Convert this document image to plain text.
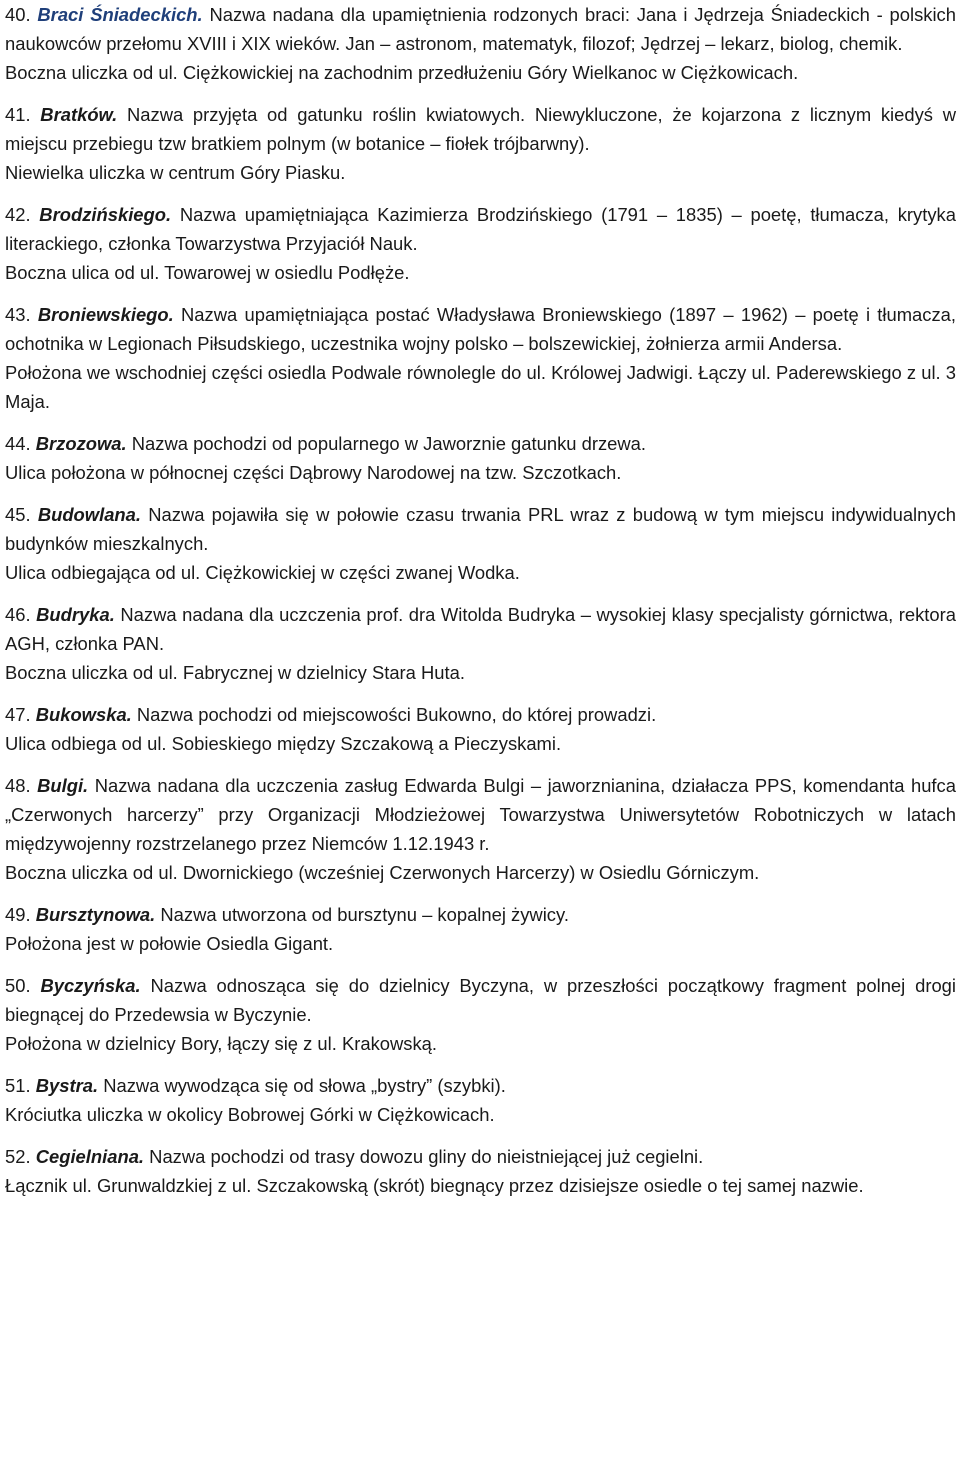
40. Braci Śniadeckich. Nazwa nadana dla upamiętnienia rodzonych braci: Jana i Jędrzeja Śniadeckich - polskich naukowców przełomu XVIII i XIX wieków. Jan – astronom, matematyk, filozof; Jędrzej – lekarz, biolog, chemik.

Boczna uliczka od ul. Ciężkowickiej na zachodnim przedłużeniu Góry Wielkanoc w Ciężkowicach.

41. Bratków. Nazwa przyjęta od gatunku roślin kwiatowych. Niewykluczone, że kojarzona z licznym kiedyś w miejscu przebiegu tzw bratkiem polnym (w botanice – fiołek trójbarwny).

Niewielka uliczka w centrum Góry Piasku.

42. Brodzińskiego. Nazwa upamiętniająca Kazimierza Brodzińskiego (1791 – 1835) – poetę, tłumacza, krytyka literackiego, członka Towarzystwa Przyjaciół Nauk.

Boczna ulica od ul. Towarowej w osiedlu Podłęże.

43. Broniewskiego. Nazwa upamiętniająca postać Władysława Broniewskiego (1897 – 1962) – poetę i tłumacza, ochotnika w Legionach Piłsudskiego, uczestnika wojny polsko – bolszewickiej, żołnierza armii Andersa.

Położona we wschodniej części osiedla Podwale równolegle do ul. Królowej Jadwigi. Łączy ul. Paderewskiego z ul. 3 Maja.

44. Brzozowa. Nazwa pochodzi od popularnego w Jaworznie gatunku drzewa.

Ulica położona w północnej części Dąbrowy Narodowej na tzw. Szczotkach.

45. Budowlana. Nazwa pojawiła się w połowie czasu trwania PRL wraz z budową w tym miejscu indywidualnych budynków mieszkalnych.

Ulica odbiegająca od ul. Ciężkowickiej w części zwanej Wodka.

46. Budryka. Nazwa nadana dla uczczenia prof. dra Witolda Budryka – wysokiej klasy specjalisty górnictwa, rektora AGH, członka PAN.

Boczna uliczka od ul. Fabrycznej w dzielnicy Stara Huta.

47. Bukowska. Nazwa pochodzi od miejscowości Bukowno, do której prowadzi.

Ulica odbiega od ul. Sobieskiego między Szczakową a Pieczyskami.

48. Bulgi. Nazwa nadana dla uczczenia zasług Edwarda Bulgi – jaworznianina, działacza PPS, komendanta hufca „Czerwonych harcerzy” przy Organizacji Młodzieżowej Towarzystwa Uniwersytetów Robotniczych w latach międzywojenny rozstrzelanego przez Niemców 1.12.1943 r.

Boczna uliczka od ul. Dwornickiego (wcześniej Czerwonych Harcerzy) w Osiedlu Górniczym.

49. Bursztynowa. Nazwa utworzona od bursztynu – kopalnej żywicy.

Położona jest w połowie Osiedla Gigant.

50. Byczyńska. Nazwa odnosząca się do dzielnicy Byczyna, w przeszłości początkowy fragment polnej drogi biegnącej do Przedewsia w Byczynie.

Położona w dzielnicy Bory, łączy się z ul. Krakowską.

51. Bystra. Nazwa wywodząca się od słowa „bystry” (szybki).

Króciutka uliczka w okolicy Bobrowej Górki w Ciężkowicach.

52. Cegielniana. Nazwa pochodzi od trasy dowozu gliny do nieistniejącej już cegielni.

Łącznik ul. Grunwaldzkiej z ul. Szczakowską (skrót) biegnący przez dzisiejsze osiedle o tej samej nazwie.
